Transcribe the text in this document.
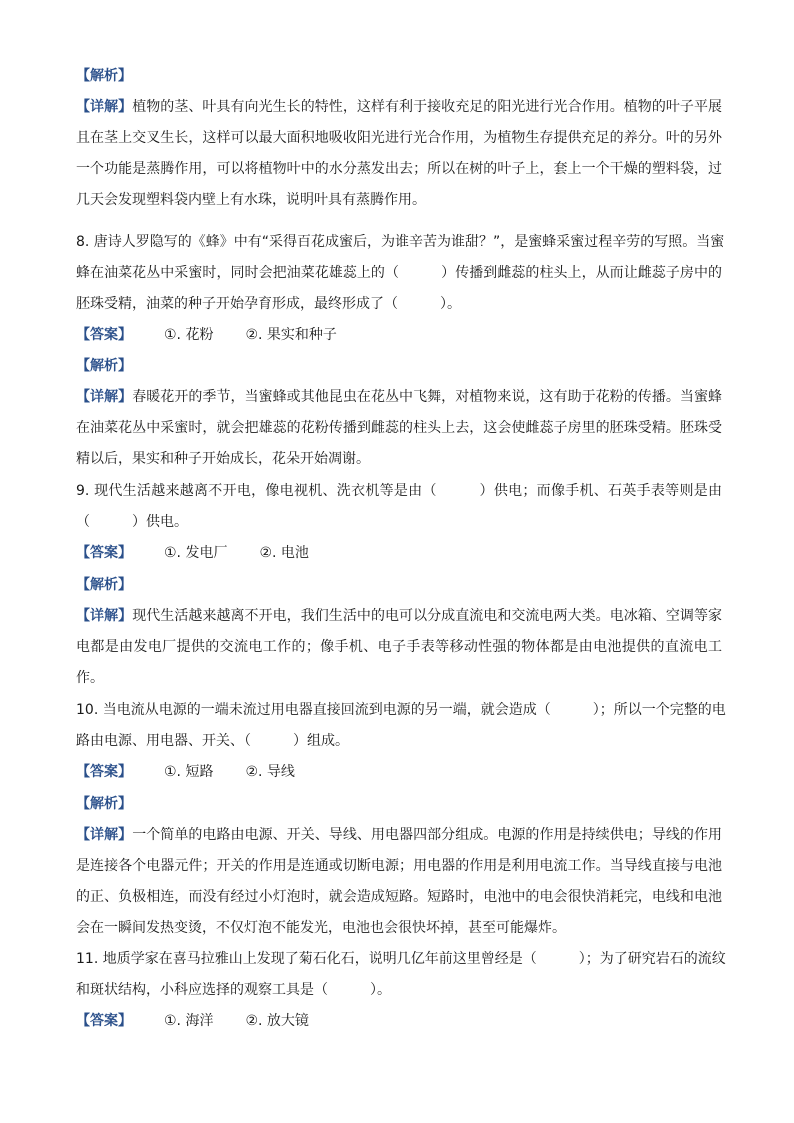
【解析】
【详解】植物的茎、叶具有向光生长的特性，这样有利于接收充足的阳光进行光合作用。植物的叶子平展
且在茎上交叉生长，这样可以最大面积地吸收阳光进行光合作用，为植物生存提供充足的养分。叶的另外
一个功能是蒸腾作用，可以将植物叶中的水分蒸发出去；所以在树的叶子上，套上一个干燥的塑料袋，过
几天会发现塑料袋内壁上有水珠，说明叶具有蒸腾作用。
8. 唐诗人罗隐写的《蜂》中有“采得百花成蜜后，为谁辛苦为谁甜？”，是蜜蜂采蜜过程辛劳的写照。当蜜
蜂在油菜花丛中采蜜时，同时会把油菜花雄蕊上的（　　　）传播到雌蕊的柱头上，从而让雌蕊子房中的
胚珠受精，油菜的种子开始孕育形成，最终形成了（　　　）。
【答案】 ①. 花粉 ②. 果实和种子
【解析】
【详解】春暖花开的季节，当蜜蜂或其他昆虫在花丛中飞舞，对植物来说，这有助于花粉的传播。当蜜蜂
在油菜花丛中采蜜时，就会把雄蕊的花粉传播到雌蕊的柱头上去，这会使雌蕊子房里的胚珠受精。胚珠受
精以后，果实和种子开始成长，花朵开始凋谢。
9. 现代生活越来越离不开电，像电视机、洗衣机等是由（　　　）供电；而像手机、石英手表等则是由
（　　　）供电。
【答案】 ①. 发电厂 ②. 电池
【解析】
【详解】现代生活越来越离不开电，我们生活中的电可以分成直流电和交流电两大类。电冰箱、空调等家
电都是由发电厂提供的交流电工作的；像手机、电子手表等移动性强的物体都是由电池提供的直流电工
作。
10. 当电流从电源的一端未流过用电器直接回流到电源的另一端，就会造成（　　　）；所以一个完整的电
路由电源、用电器、开关、（　　　）组成。
【答案】 ①. 短路 ②. 导线
【解析】
【详解】一个简单的电路由电源、开关、导线、用电器四部分组成。电源的作用是持续供电；导线的作用
是连接各个电器元件；开关的作用是连通或切断电源；用电器的作用是利用电流工作。当导线直接与电池
的正、负极相连，而没有经过小灯泡时，就会造成短路。短路时，电池中的电会很快消耗完，电线和电池
会在一瞬间发热变烫，不仅灯泡不能发光，电池也会很快坏掉，甚至可能爆炸。
11. 地质学家在喜马拉雅山上发现了菊石化石，说明几亿年前这里曾经是（　　　）；为了研究岩石的流纹
和斑状结构，小科应选择的观察工具是（　　　）。
【答案】 ①. 海洋 ②. 放大镜
